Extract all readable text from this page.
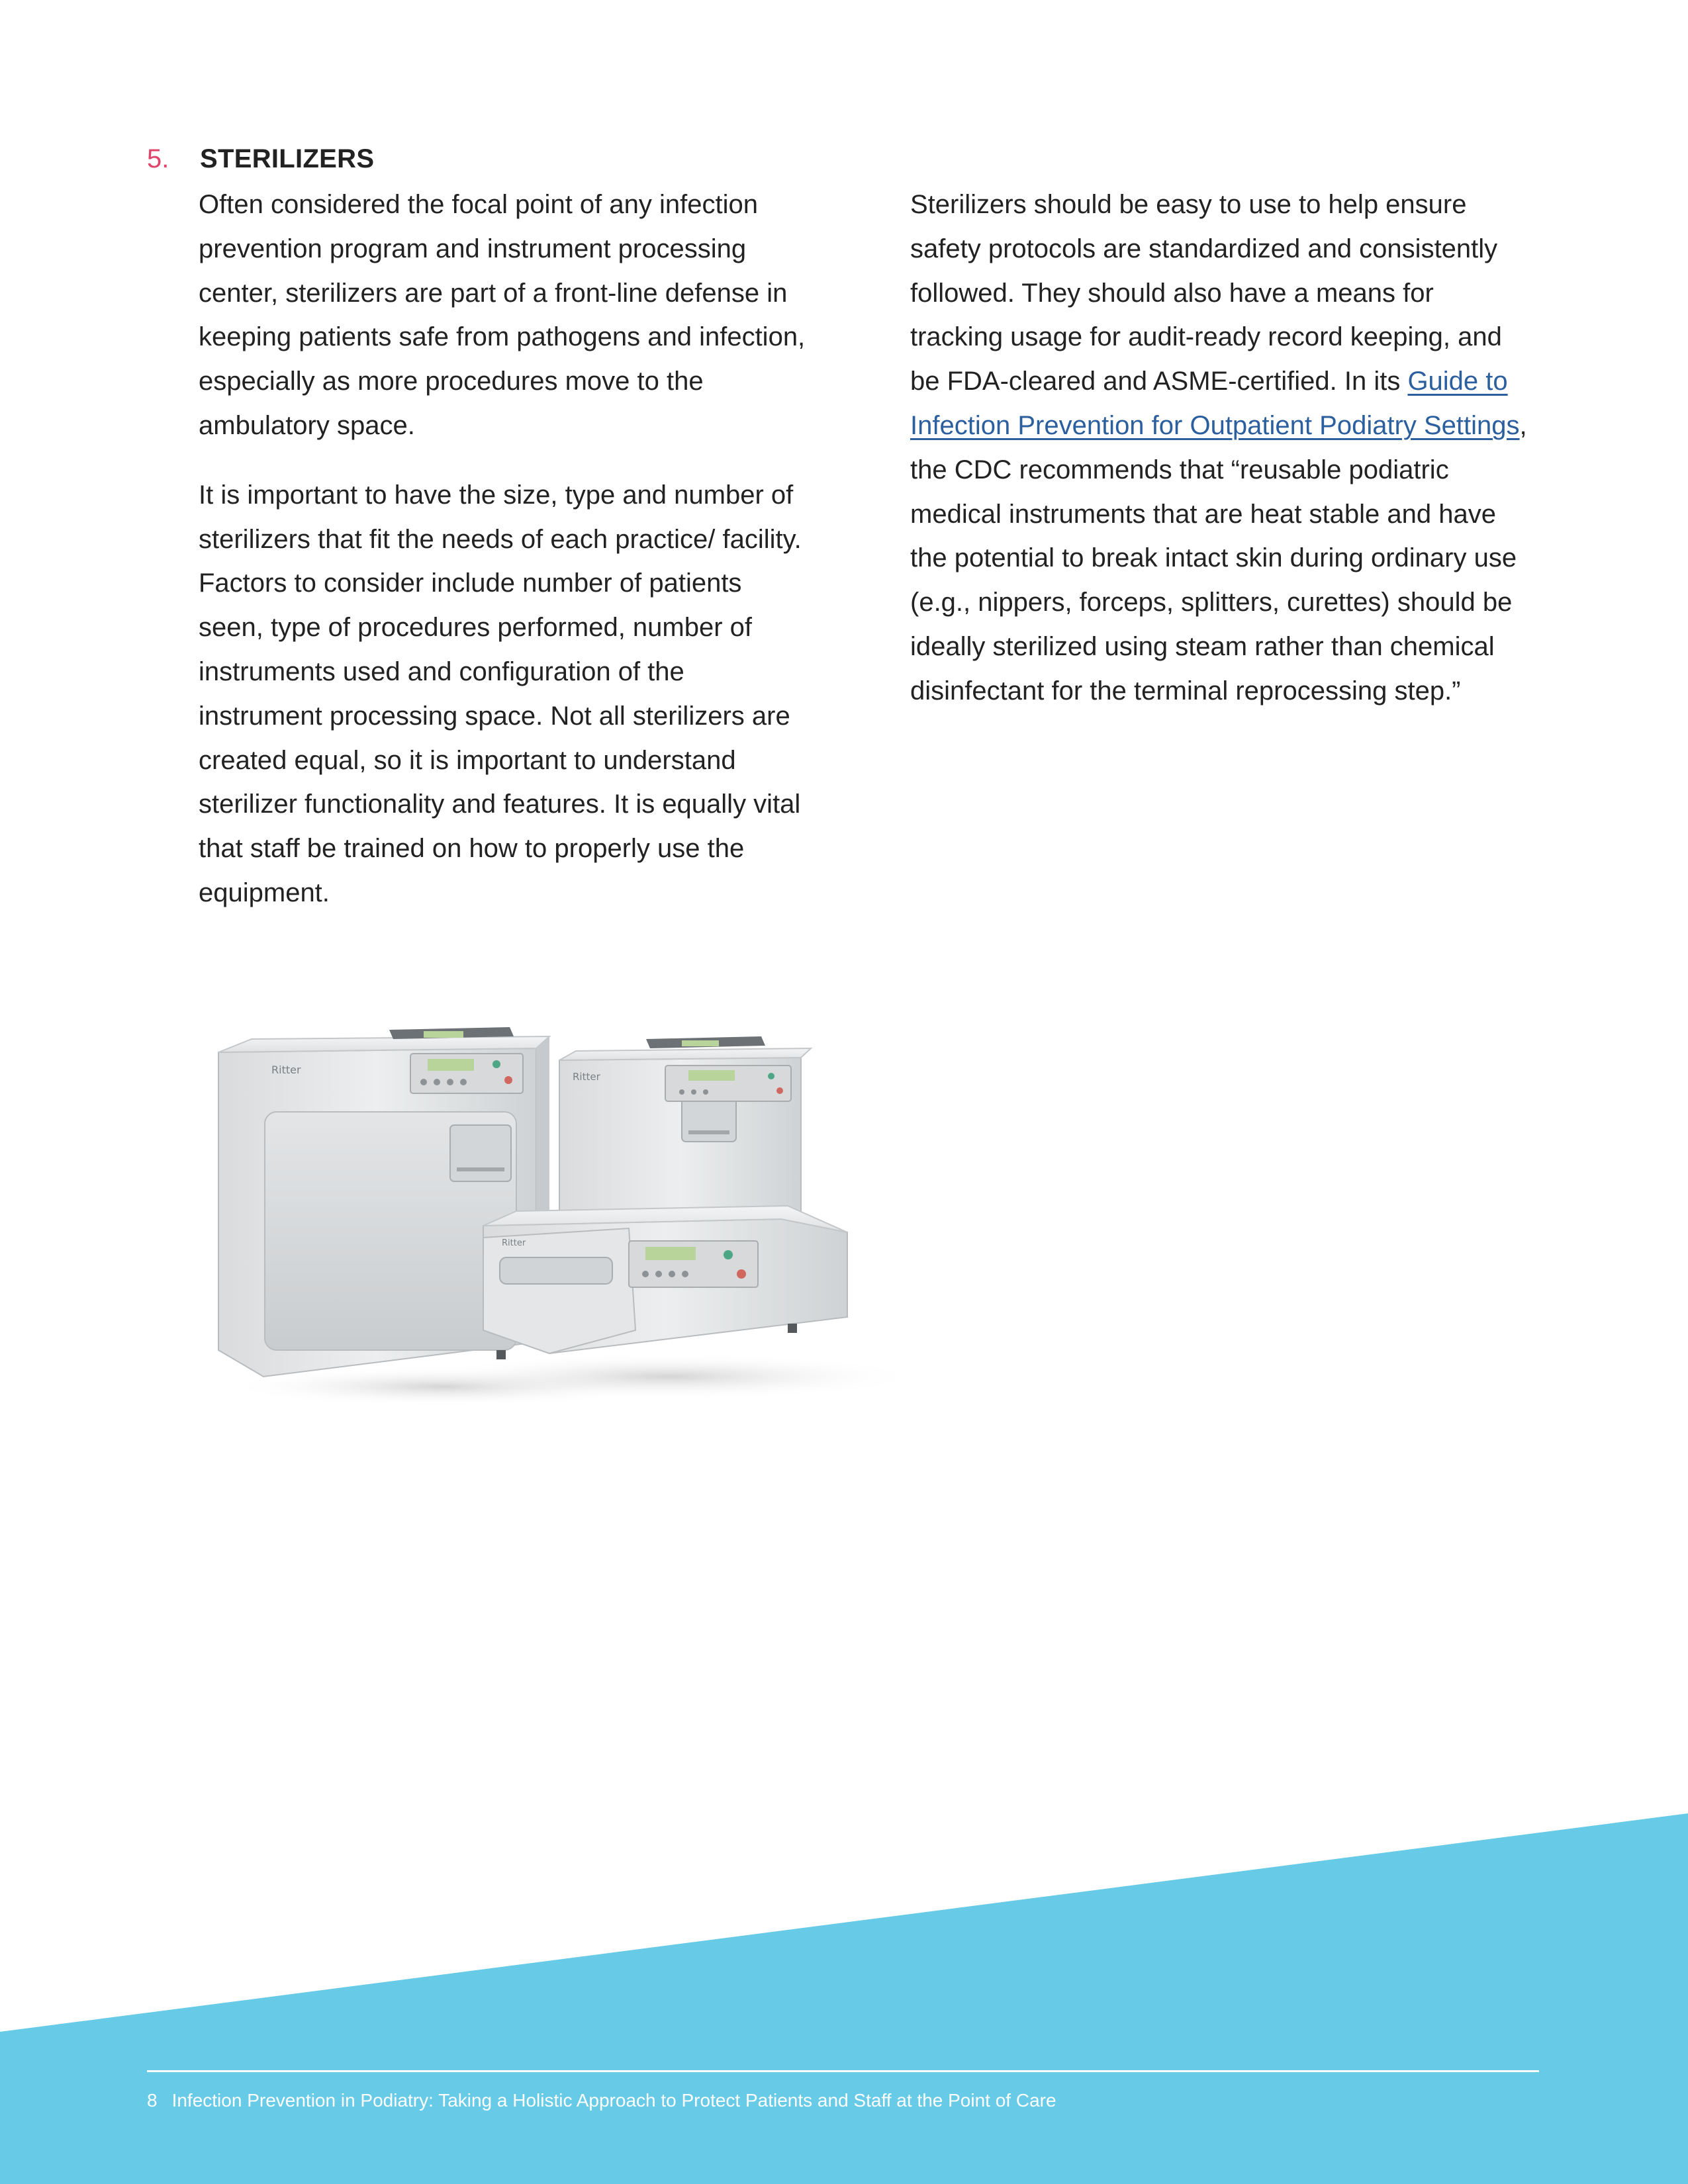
5.	STERILIZERS

Often considered the focal point of any infection prevention program and instrument processing center, sterilizers are part of a front-line defense in keeping patients safe from pathogens and infection, especially as more procedures move to the ambulatory space.

It is important to have the size, type and number of sterilizers that fit the needs of each practice/ facility. Factors to consider include number of patients seen, type of procedures performed, number of instruments used and configuration of the instrument processing space. Not all sterilizers are created equal, so it is important to understand sterilizer functionality and features. It is equally vital that staff be trained on how to properly use the equipment.

Sterilizers should be easy to use to help ensure safety protocols are standardized and consistently followed. They should also have a means for tracking usage for audit-ready record keeping, and be FDA-cleared and ASME-certified. In its Guide to Infection Prevention for Outpatient Podiatry Settings, the CDC recommends that “reusable podiatric medical instruments that are heat stable and have the potential to break intact skin during ordinary use (e.g., nippers, forceps, splitters, curettes) should be ideally sterilized using steam rather than chemical disinfectant for the terminal reprocessing step.”

Ritter
Ritter
Ritter
8 Infection Prevention in Podiatry: Taking a Holistic Approach to Protect Patients and Staff at the Point of Care
